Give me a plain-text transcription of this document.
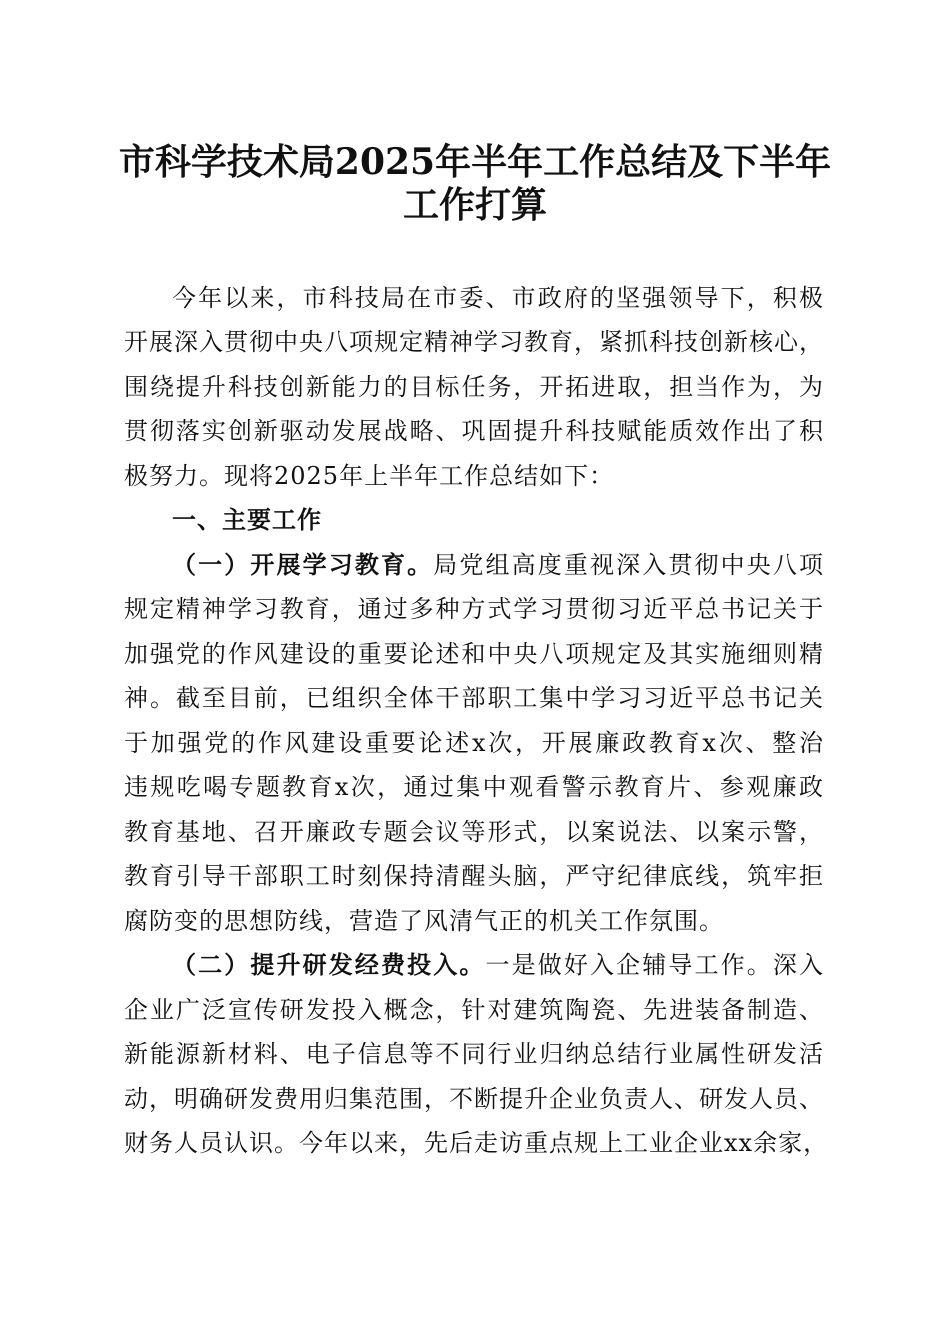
市科学技术局2025年半年工作总结及下半年
工作打算

今年以来，市科技局在市委、市政府的坚强领导下，积极

开展深入贯彻中央八项规定精神学习教育，紧抓科技创新核心，

围绕提升科技创新能力的目标任务，开拓进取，担当作为，为

贯彻落实创新驱动发展战略、巩固提升科技赋能质效作出了积

极努力。现将2025年上半年工作总结如下：

一、主要工作

（一）开展学习教育。局党组高度重视深入贯彻中央八项

规定精神学习教育，通过多种方式学习贯彻习近平总书记关于

加强党的作风建设的重要论述和中央八项规定及其实施细则精

神。截至目前，已组织全体干部职工集中学习习近平总书记关

于加强党的作风建设重要论述x次，开展廉政教育x次、整治

违规吃喝专题教育x次，通过集中观看警示教育片、参观廉政

教育基地、召开廉政专题会议等形式，以案说法、以案示警，

教育引导干部职工时刻保持清醒头脑，严守纪律底线，筑牢拒

腐防变的思想防线，营造了风清气正的机关工作氛围。

（二）提升研发经费投入。一是做好入企辅导工作。深入

企业广泛宣传研发投入概念，针对建筑陶瓷、先进装备制造、

新能源新材料、电子信息等不同行业归纳总结行业属性研发活

动，明确研发费用归集范围，不断提升企业负责人、研发人员、

财务人员认识。今年以来，先后走访重点规上工业企业xx余家，
